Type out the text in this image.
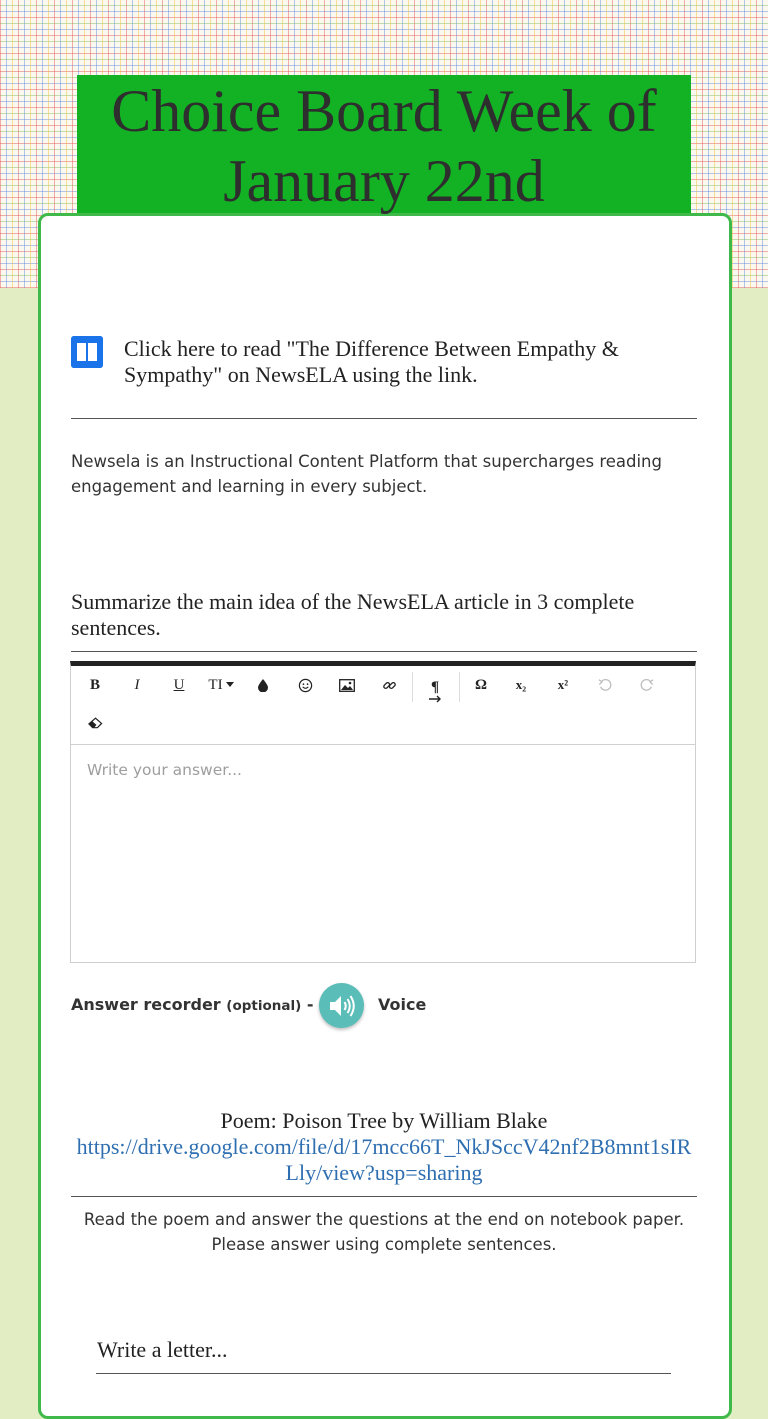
Choice Board Week of January 22nd

Click here to read "The Difference Between Empathy & Sympathy" on NewsELA using the link.

Newsela is an Instructional Content Platform that supercharges reading engagement and learning in every subject.

Summarize the main idea of the NewsELA article in 3 complete sentences.

B	I	U	TI	¶	Ω	x₂	x²
Write your answer...
Answer recorder (optional) -	Voice
Poem: Poison Tree by William Blake
https://drive.google.com/file/d/17mcc66T_NkJSccV42nf2B8mnt1sIRLly/view?usp=sharing

Read the poem and answer the questions at the end on notebook paper. Please answer using complete sentences.

Write a letter...
